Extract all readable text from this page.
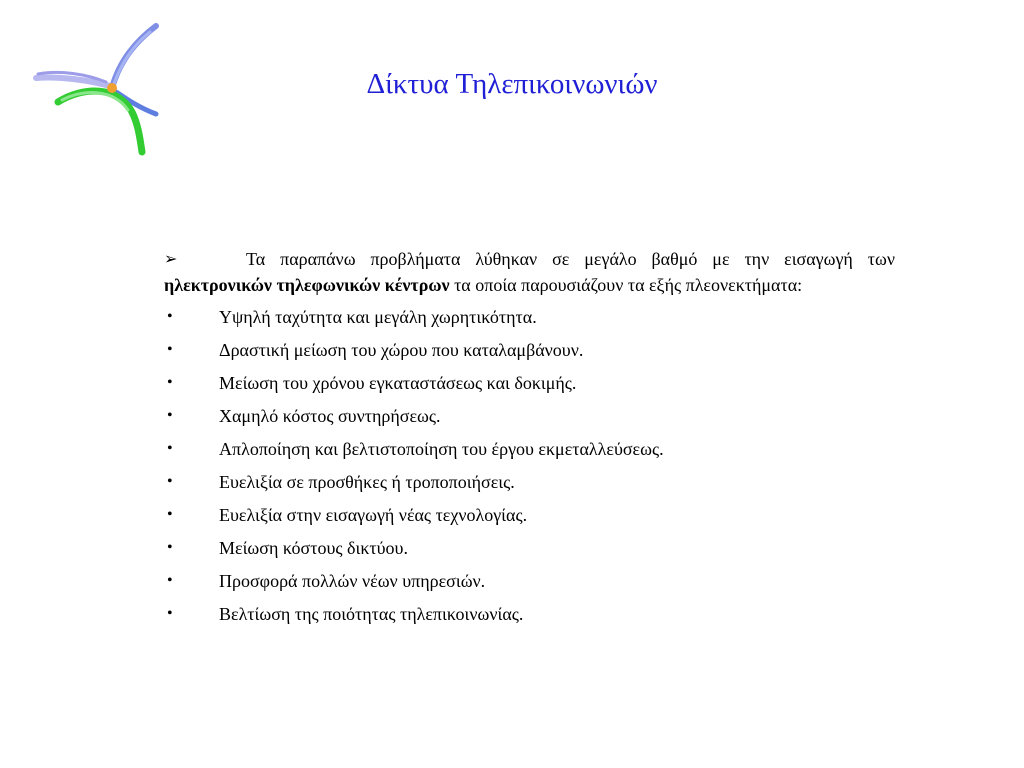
Δίκτυα Τηλεπικοινωνιών

➢	Τα παραπάνω προβλήματα λύθηκαν σε μεγάλο βαθμό με την εισαγωγή των ηλεκτρονικών τηλεφωνικών κέντρων τα οποία παρουσιάζουν τα εξής πλεονεκτήματα:

•	Υψηλή ταχύτητα και μεγάλη χωρητικότητα.
•	Δραστική μείωση του χώρου που καταλαμβάνουν.
•	Μείωση του χρόνου εγκαταστάσεως και δοκιμής.
•	Χαμηλό κόστος συντηρήσεως.
•	Απλοποίηση και βελτιστοποίηση του έργου εκμεταλλεύσεως.
•	Ευελιξία σε προσθήκες ή τροποποιήσεις.
•	Ευελιξία στην εισαγωγή νέας τεχνολογίας.
•	Μείωση κόστους δικτύου.
•	Προσφορά πολλών νέων υπηρεσιών.
•	Βελτίωση της ποιότητας τηλεπικοινωνίας.
